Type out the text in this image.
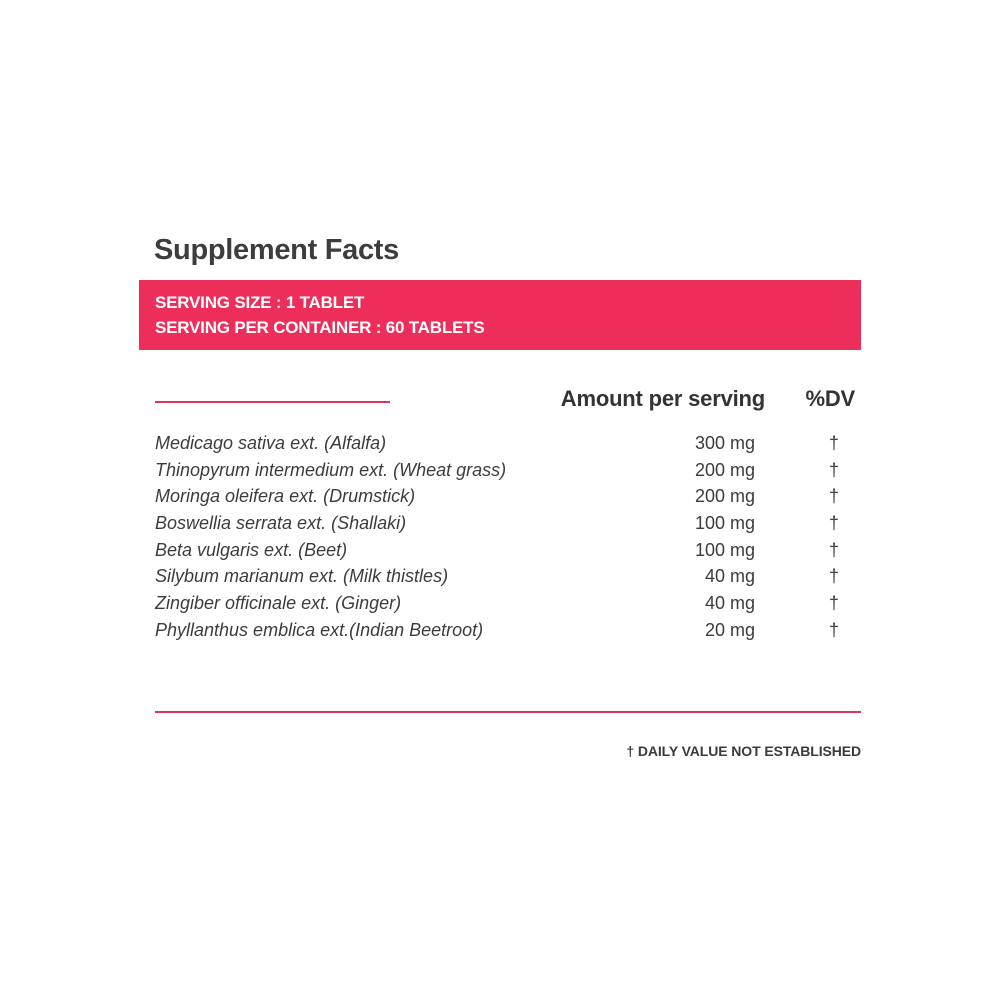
Supplement Facts
SERVING SIZE : 1 TABLET
SERVING PER CONTAINER : 60 TABLETS
Amount per serving %DV
Medicago sativa ext. (Alfalfa)	300 mg	†
Thinopyrum intermedium ext. (Wheat grass)	200 mg	†
Moringa oleifera ext. (Drumstick)	200 mg	†
Boswellia serrata ext. (Shallaki)	100 mg	†
Beta vulgaris ext. (Beet)	100 mg	†
Silybum marianum ext. (Milk thistles)	40 mg	†
Zingiber officinale ext. (Ginger)	40 mg	†
Phyllanthus emblica ext.(Indian Beetroot)	20 mg	†
† DAILY VALUE NOT ESTABLISHED
